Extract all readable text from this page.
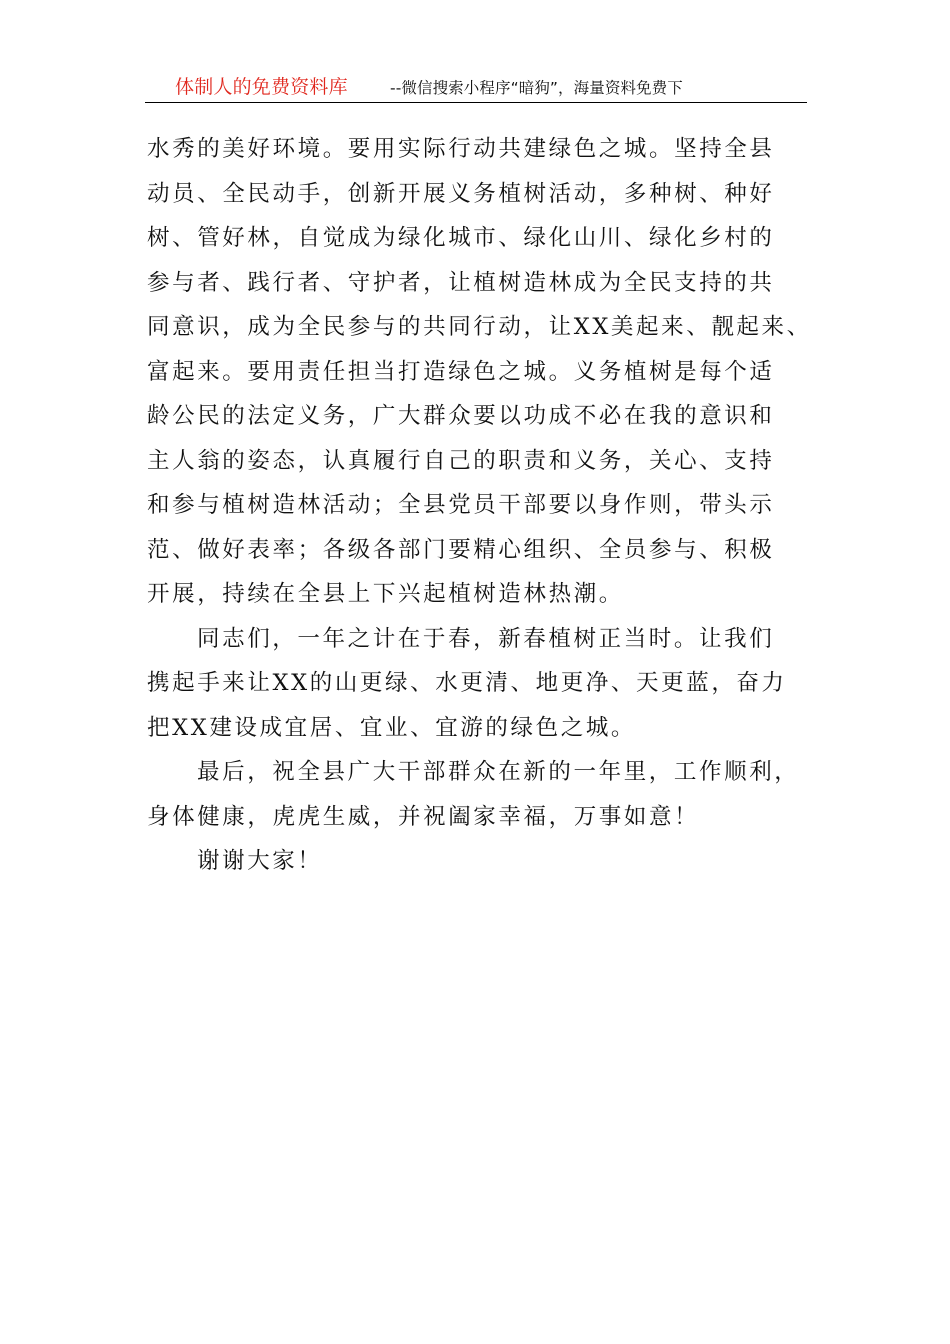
体制人的免费资料库	--微信搜索小程序“暗狗”，海量资料免费下
水秀的美好环境。要用实际行动共建绿色之城。坚持全县
动员、全民动手，创新开展义务植树活动，多种树、种好
树、管好林，自觉成为绿化城市、绿化山川、绿化乡村的
参与者、践行者、守护者，让植树造林成为全民支持的共
同意识，成为全民参与的共同行动，让XX美起来、靓起来、
富起来。要用责任担当打造绿色之城。义务植树是每个适
龄公民的法定义务，广大群众要以功成不必在我的意识和
主人翁的姿态，认真履行自己的职责和义务，关心、支持
和参与植树造林活动；全县党员干部要以身作则，带头示
范、做好表率；各级各部门要精心组织、全员参与、积极
开展，持续在全县上下兴起植树造林热潮。
同志们，一年之计在于春，新春植树正当时。让我们
携起手来让XX的山更绿、水更清、地更净、天更蓝，奋力
把XX建设成宜居、宜业、宜游的绿色之城。
最后，祝全县广大干部群众在新的一年里，工作顺利，
身体健康，虎虎生威，并祝阖家幸福，万事如意！
谢谢大家！
